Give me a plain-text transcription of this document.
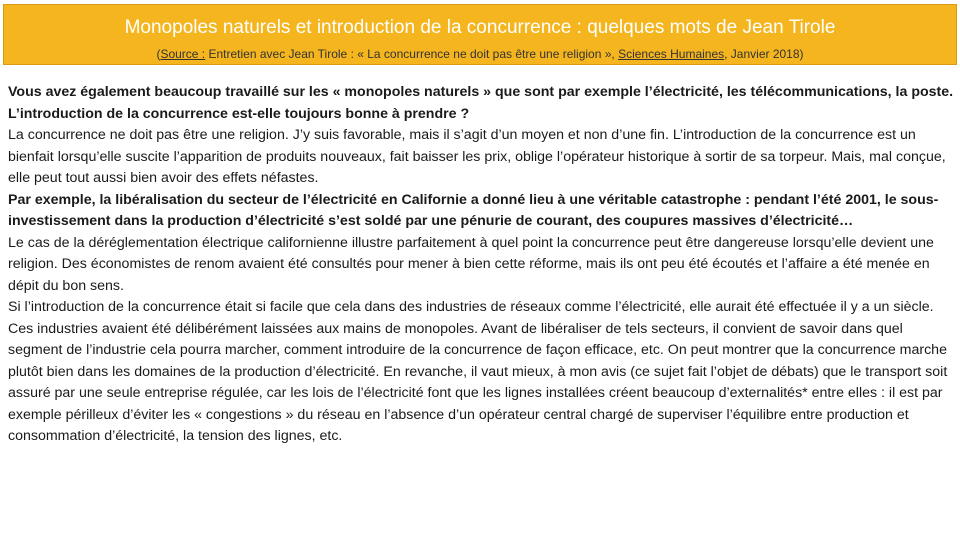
Monopoles naturels et introduction de la concurrence : quelques mots de Jean Tirole
(Source : Entretien avec Jean Tirole : « La concurrence ne doit pas être une religion », Sciences Humaines, Janvier 2018)

Vous avez également beaucoup travaillé sur les « monopoles naturels » que sont par exemple l’électricité, les télécommunications, la poste. L’introduction de la concurrence est-elle toujours bonne à prendre ?

La concurrence ne doit pas être une religion. J’y suis favorable, mais il s’agit d’un moyen et non d’une fin. L’introduction de la concurrence est un bienfait lorsqu’elle suscite l’apparition de produits nouveaux, fait baisser les prix, oblige l’opérateur historique à sortir de sa torpeur. Mais, mal conçue, elle peut tout aussi bien avoir des effets néfastes.

Par exemple, la libéralisation du secteur de l’électricité en Californie a donné lieu à une véritable catastrophe : pendant l’été 2001, le sous-investissement dans la production d’électricité s’est soldé par une pénurie de courant, des coupures massives d’électricité…

Le cas de la déréglementation électrique californienne illustre parfaitement à quel point la concurrence peut être dangereuse lorsqu’elle devient une religion. Des économistes de renom avaient été consultés pour mener à bien cette réforme, mais ils ont peu été écoutés et l’affaire a été menée en dépit du bon sens.

Si l’introduction de la concurrence était si facile que cela dans des industries de réseaux comme l’électricité, elle aurait été effectuée il y a un siècle. Ces industries avaient été délibérément laissées aux mains de monopoles. Avant de libéraliser de tels secteurs, il convient de savoir dans quel segment de l’industrie cela pourra marcher, comment introduire de la concurrence de façon efficace, etc. On peut montrer que la concurrence marche plutôt bien dans les domaines de la production d’électricité. En revanche, il vaut mieux, à mon avis (ce sujet fait l’objet de débats) que le transport soit assuré par une seule entreprise régulée, car les lois de l’électricité font que les lignes installées créent beaucoup d’externalités* entre elles : il est par exemple périlleux d’éviter les « congestions » du réseau en l’absence d’un opérateur central chargé de superviser l’équilibre entre production et consommation d’électricité, la tension des lignes, etc.
